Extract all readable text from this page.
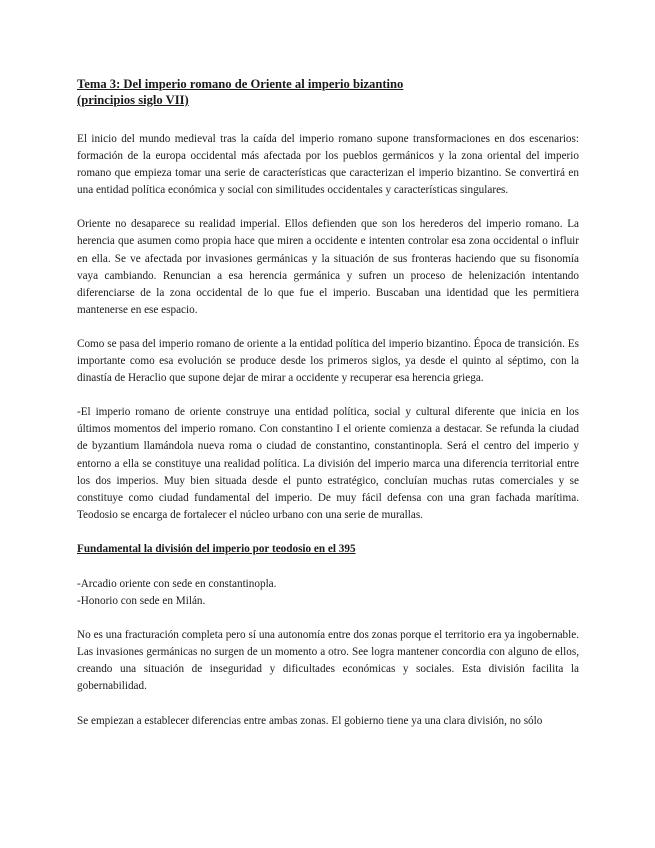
Tema 3: Del imperio romano de Oriente al imperio bizantino
(principios siglo VII)

El inicio del mundo medieval tras la caída del imperio romano supone transformaciones en dos escenarios: formación de la europa occidental más afectada por los pueblos germánicos y la zona oriental del imperio romano que empieza tomar una serie de características que caracterizan el imperio bizantino. Se convertirá en una entidad política económica y social con similitudes occidentales y características singulares.

Oriente no desaparece su realidad imperial. Ellos defienden que son los herederos del imperio romano. La herencia que asumen como propia hace que miren a occidente e intenten controlar esa zona occidental o influir en ella. Se ve afectada por invasiones germánicas y la situación de sus fronteras haciendo que su fisonomía vaya cambiando. Renuncian a esa herencia germánica y sufren un proceso de helenización intentando diferenciarse de la zona occidental de lo que fue el imperio. Buscaban una identidad que les permitiera mantenerse en ese espacio.

Como se pasa del imperio romano de oriente a la entidad política del imperio bizantino. Época de transición. Es importante como esa evolución se produce desde los primeros siglos, ya desde el quinto al séptimo, con la dinastía de Heraclio que supone dejar de mirar a occidente y recuperar esa herencia griega.

-El imperio romano de oriente construye una entidad política, social y cultural diferente que inicia en los últimos momentos del imperio romano. Con constantino I el oriente comienza a destacar. Se refunda la ciudad de byzantium llamándola nueva roma o ciudad de constantino, constantinopla. Será el centro del imperio y entorno a ella se constituye una realidad política. La división del imperio marca una diferencia territorial entre los dos imperios. Muy bien situada desde el punto estratégico, concluían muchas rutas comerciales y se constituye como ciudad fundamental del imperio. De muy fácil defensa con una gran fachada marítima. Teodosio se encarga de fortalecer el núcleo urbano con una serie de murallas.

Fundamental la división del imperio por teodosio en el 395
-Arcadio oriente con sede en constantinopla.
-Honorio con sede en Milán.

No es una fracturación completa pero sí una autonomía entre dos zonas porque el territorio era ya ingobernable. Las invasiones germánicas no surgen de un momento a otro. See logra mantener concordia con alguno de ellos, creando una situación de inseguridad y dificultades económicas y sociales. Esta división facilita la gobernabilidad.

Se empiezan a establecer diferencias entre ambas zonas. El gobierno tiene ya una clara división, no sólo
